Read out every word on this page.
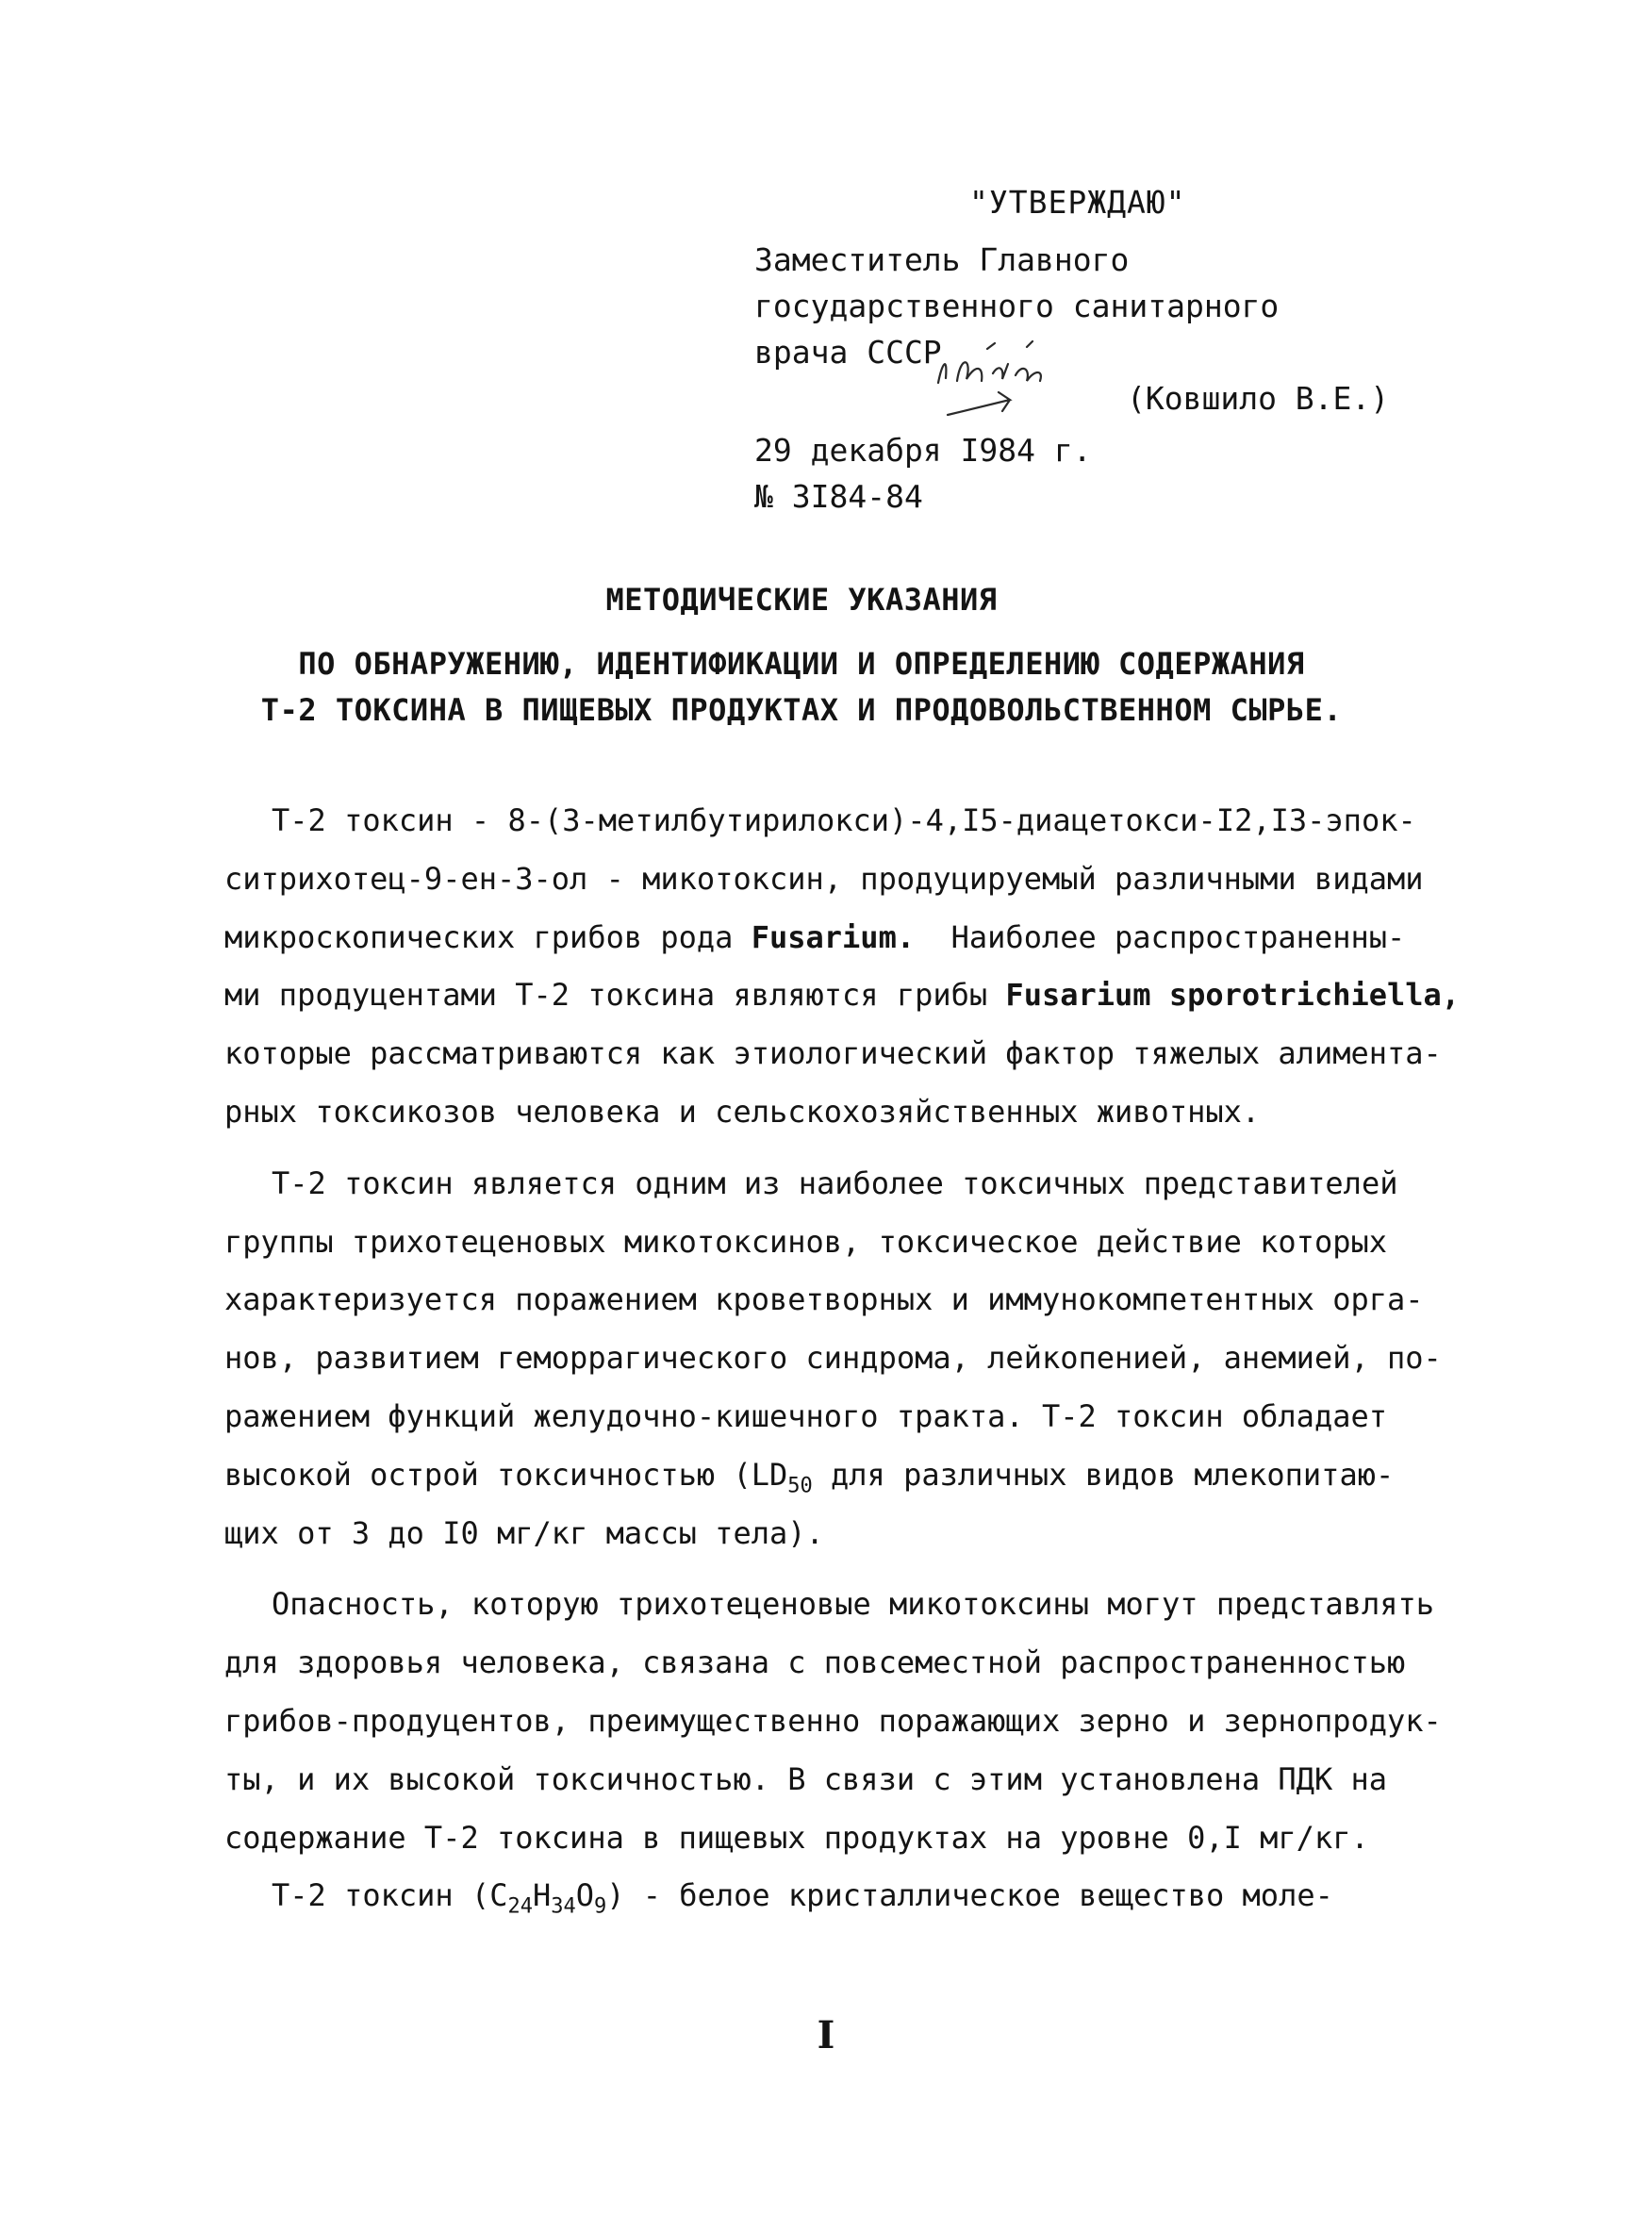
"УТВЕРЖДАЮ"
Заместитель Главного
государственного санитарного
врача СССР
(Ковшило В.Е.)
29 декабря I984 г.
№ 3I84-84
МЕТОДИЧЕСКИЕ УКАЗАНИЯ
ПО ОБНАРУЖЕНИЮ, ИДЕНТИФИКАЦИИ И ОПРЕДЕЛЕНИЮ СОДЕРЖАНИЯ
Т-2 ТОКСИНА В ПИЩЕВЫХ ПРОДУКТАХ И ПРОДОВОЛЬСТВЕННОМ СЫРЬЕ.
Т-2 токсин - 8-(3-метилбутирилокси)-4,I5-диацетокси-I2,I3-эпок-
ситрихотец-9-ен-3-ол - микотоксин, продуцируемый различными видами
микроскопических грибов рода Fusarium. Наиболее распространенны-
ми продуцентами Т-2 токсина являются грибы Fusarium sporotrichiella,
которые рассматриваются как этиологический фактор тяжелых алимента-
рных токсикозов человека и сельскохозяйственных животных.
Т-2 токсин является одним из наиболее токсичных представителей
группы трихотеценовых микотоксинов, токсическое действие которых
характеризуется поражением кроветворных и иммунокомпетентных орга-
нов, развитием геморрагического синдрома, лейкопенией, анемией, по-
ражением функций желудочно-кишечного тракта. Т-2 токсин обладает
высокой острой токсичностью ($LD_{50}$ для различных видов млекопитаю-
щих от 3 до I0 мг/кг массы тела).
Опасность, которую трихотеценовые микотоксины могут представлять
для здоровья человека, связана с повсеместной распространенностью
грибов-продуцентов, преимущественно поражающих зерно и зернопродук-
ты, и их высокой токсичностью. В связи с этим установлена ПДК на
содержание Т-2 токсина в пищевых продуктах на уровне 0,I мг/кг.
Т-2 токсин $(C_{24}H_{34}O_9)$ - белое кристаллическое вещество моле-
I
